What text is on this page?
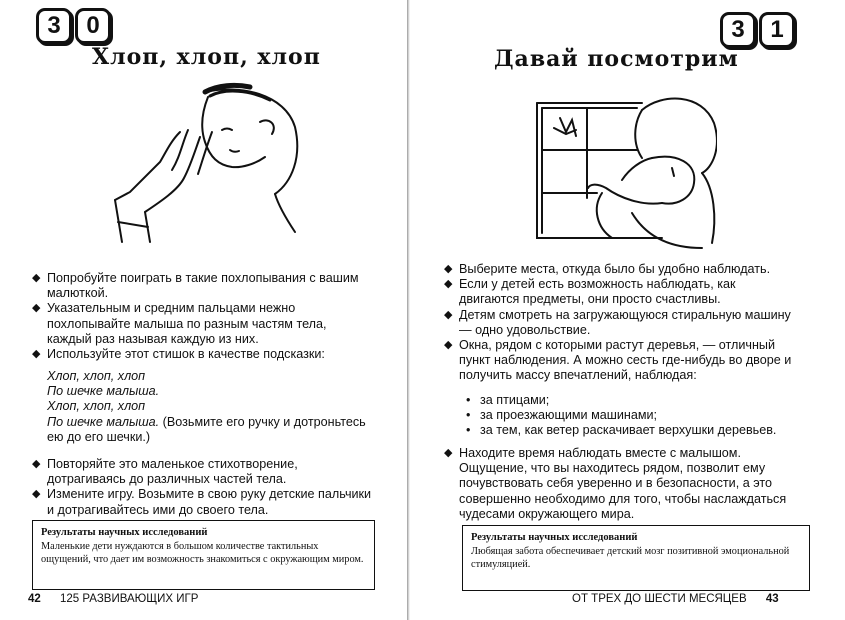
3	0
Хлоп, хлоп, хлоп
◆ Попробуйте поиграть в такие похлопывания с вашим малюткой.
◆ Указательным и средним пальцами нежно похлопывайте малыша по разным частям тела, каждый раз называя каждую из них.
◆ Используйте этот стишок в качестве подсказки:
Хлоп, хлоп, хлоп
По шечке малыша.
Хлоп, хлоп, хлоп
По шечке малыша. (Возьмите его ручку и дотроньтесь ею до его шечки.)
◆ Повторяйте это маленькое стихотворение, дотрагиваясь до различных частей тела.
◆ Измените игру. Возьмите в свою руку детские пальчики и дотрагивайтесь ими до своего тела.
Результаты научных исследований
Маленькие дети нуждаются в большом количестве тактильных ощущений, что дает им возможность знакомиться с окружающим миром.
42 125 РАЗВИВАЮЩИХ ИГР
3	1
Давай посмотрим
◆ Выберите места, откуда было бы удобно наблюдать.
◆ Если у детей есть возможность наблюдать, как двигаются предметы, они просто счастливы.
◆ Детям смотреть на загружающуюся стиральную машину — одно удовольствие.
◆ Окна, рядом с которыми растут деревья, — отличный пункт наблюдения. А можно сесть где-нибудь во дворе и получить массу впечатлений, наблюдая:
• за птицами;
• за проезжающими машинами;
• за тем, как ветер раскачивает верхушки деревьев.
◆ Находите время наблюдать вместе с малышом. Ощущение, что вы находитесь рядом, позволит ему почувствовать себя уверенно и в безопасности, а это совершенно необходимо для того, чтобы наслаждаться чудесами окружающего мира.
Результаты научных исследований
Любящая забота обеспечивает детский мозг позитивной эмоциональной стимуляцией.
ОТ ТРЕХ ДО ШЕСТИ МЕСЯЦЕВ 43
